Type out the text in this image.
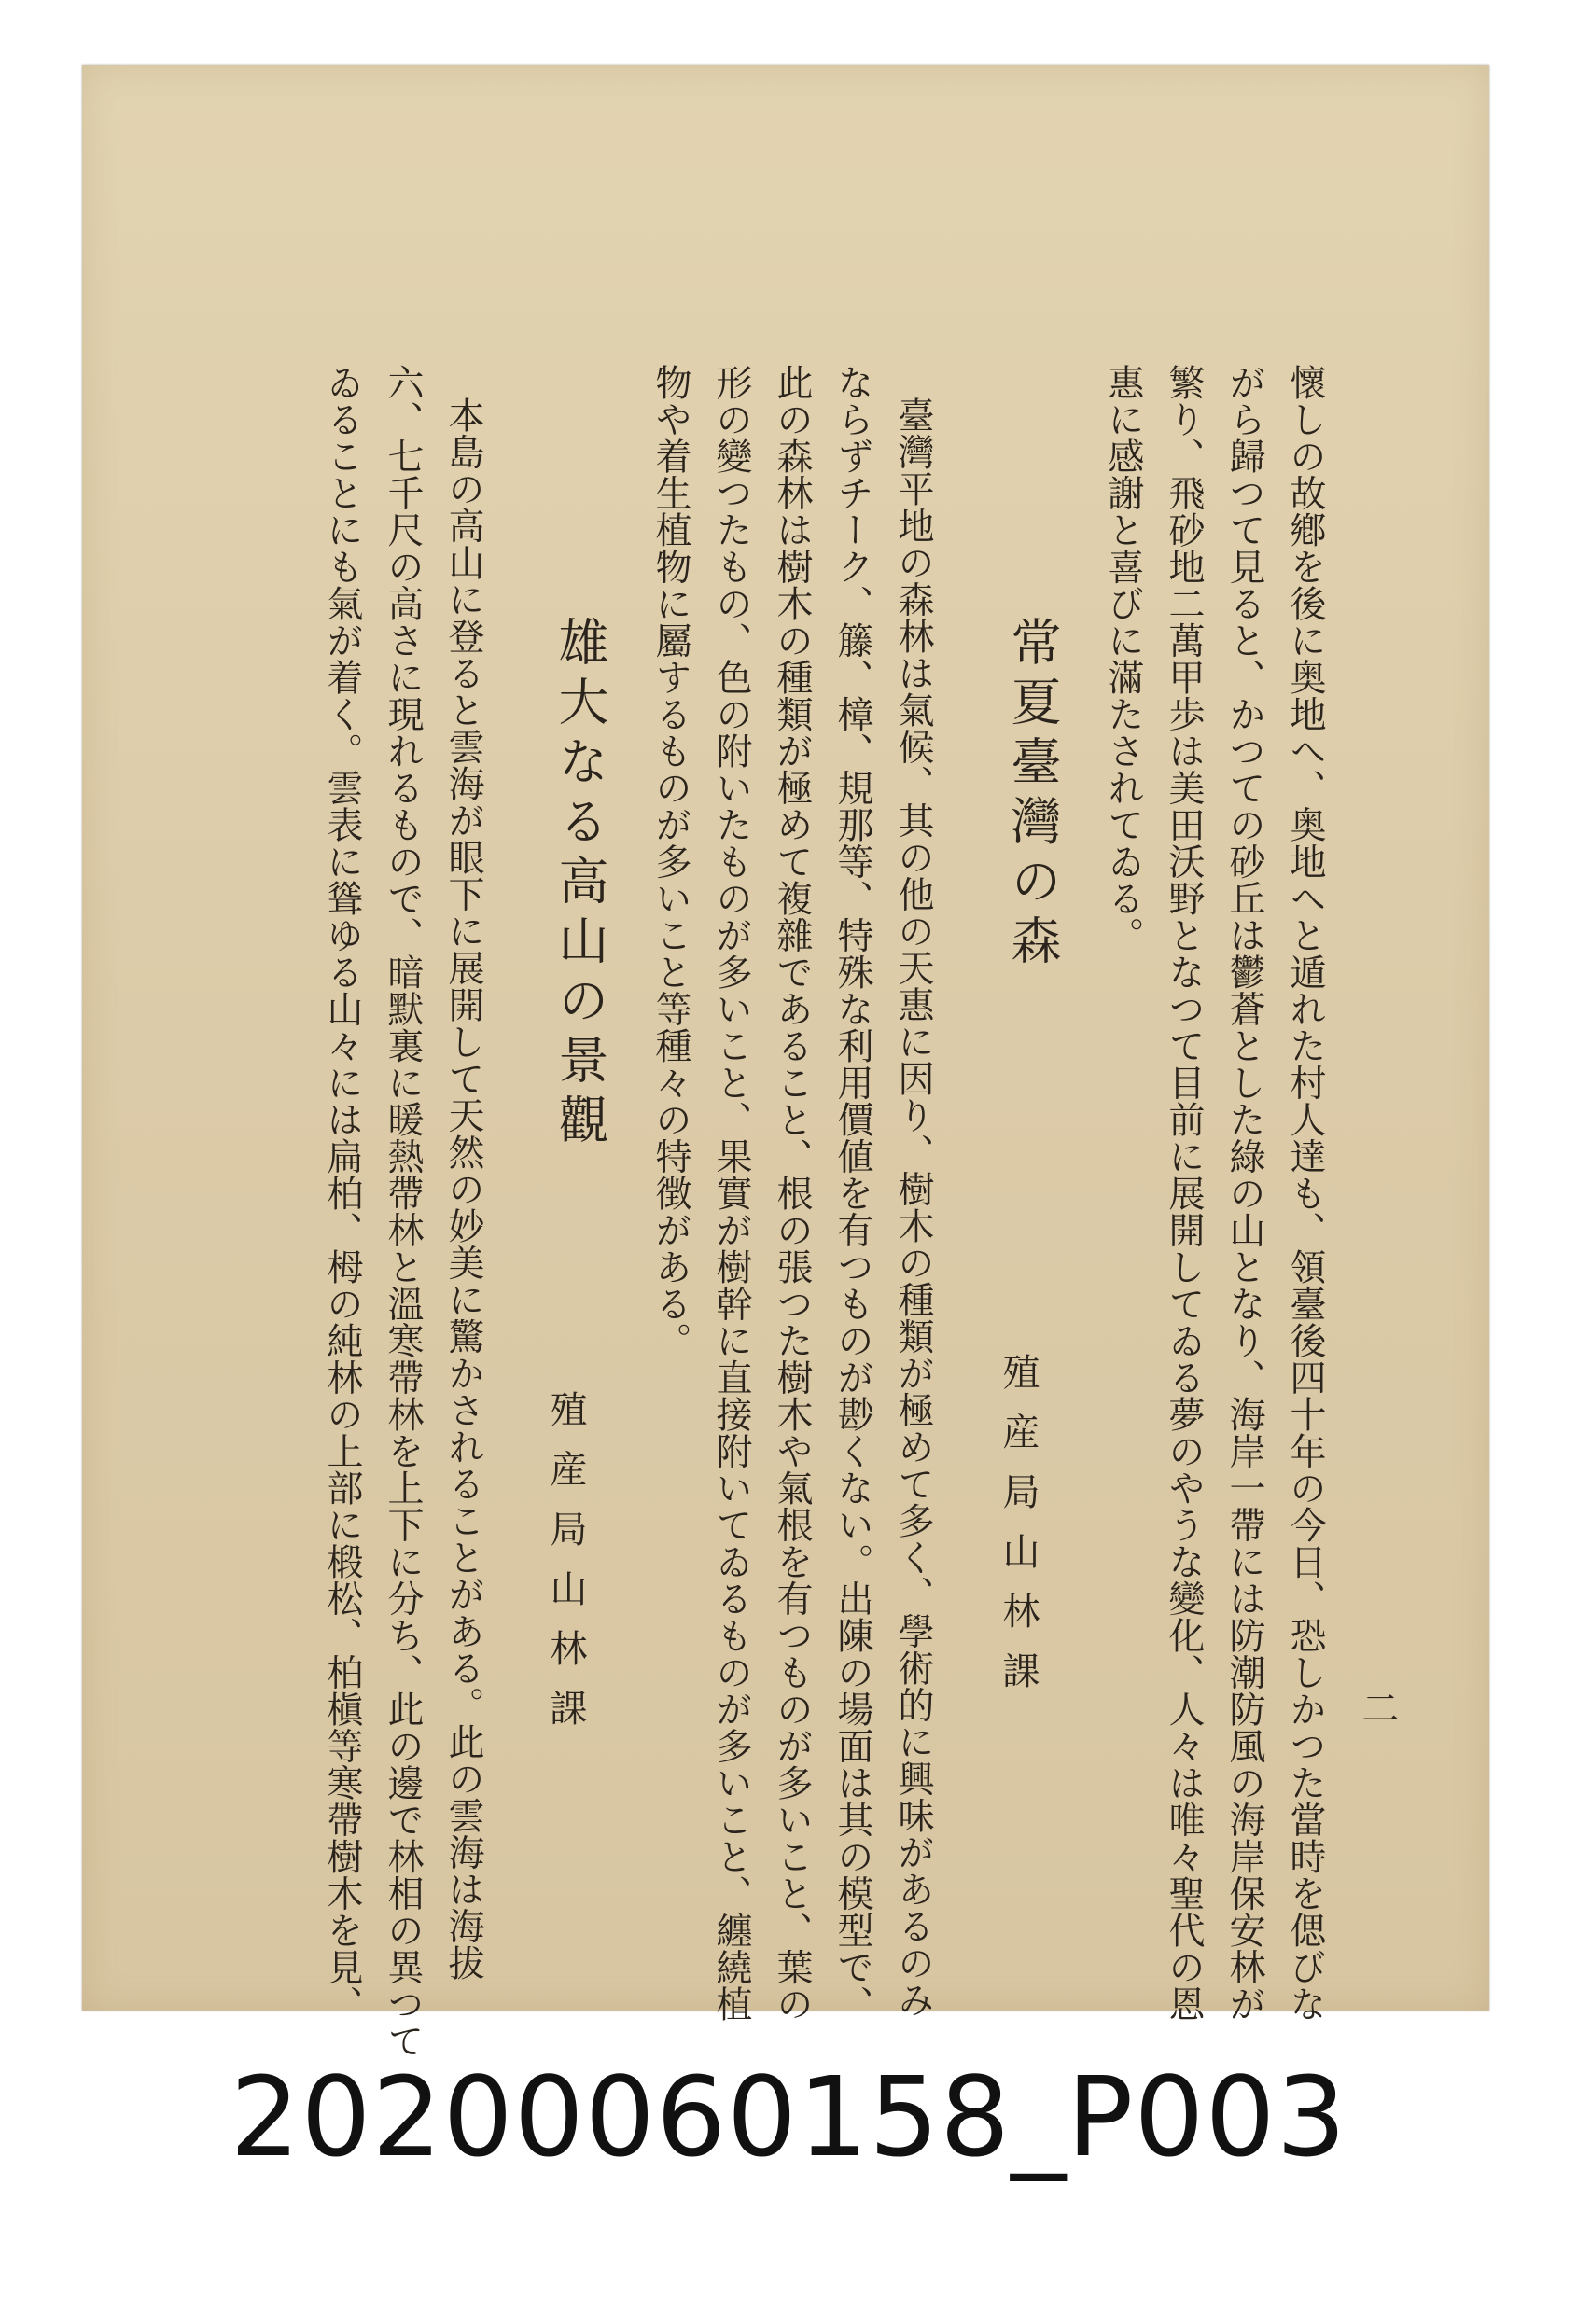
二
懷しの故鄕を後に奥地へ、奥地へと遁れた村人達も、領臺後四十年の今日、恐しかつた當時を偲びな
がら歸つて見ると、かつての砂丘は鬱蒼とした綠の山となり、海岸一帶には防潮防風の海岸保安林が
繁り、飛砂地二萬甲歩は美田沃野となつて目前に展開してゐる夢のやうな變化、人々は唯々聖代の恩
惠に感謝と喜びに滿たされてゐる。
常夏臺灣の森
殖産局山林課
臺灣平地の森林は氣候、其の他の天惠に因り、樹木の種類が極めて多く、學術的に興味があるのみ
ならずチーク、籐、樟、規那等、特殊な利用價値を有つものが尠くない。出陳の場面は其の模型で、
此の森林は樹木の種類が極めて複雜であること、根の張つた樹木や氣根を有つものが多いこと、葉の
形の變つたもの、色の附いたものが多いこと、果實が樹幹に直接附いてゐるものが多いこと、纏繞植
物や着生植物に屬するものが多いこと等種々の特徴がある。
雄大なる高山の景觀
殖産局山林課
本島の高山に登ると雲海が眼下に展開して天然の妙美に驚かされることがある。此の雲海は海拔
六、七千尺の高さに現れるもので、暗默裏に暖熱帶林と溫寒帶林を上下に分ち、此の邊で林相の異つて
ゐることにも氣が着く。雲表に聳ゆる山々には扁柏、栂の純林の上部に椴松、柏槇等寒帶樹木を見、
20200060158_P003
